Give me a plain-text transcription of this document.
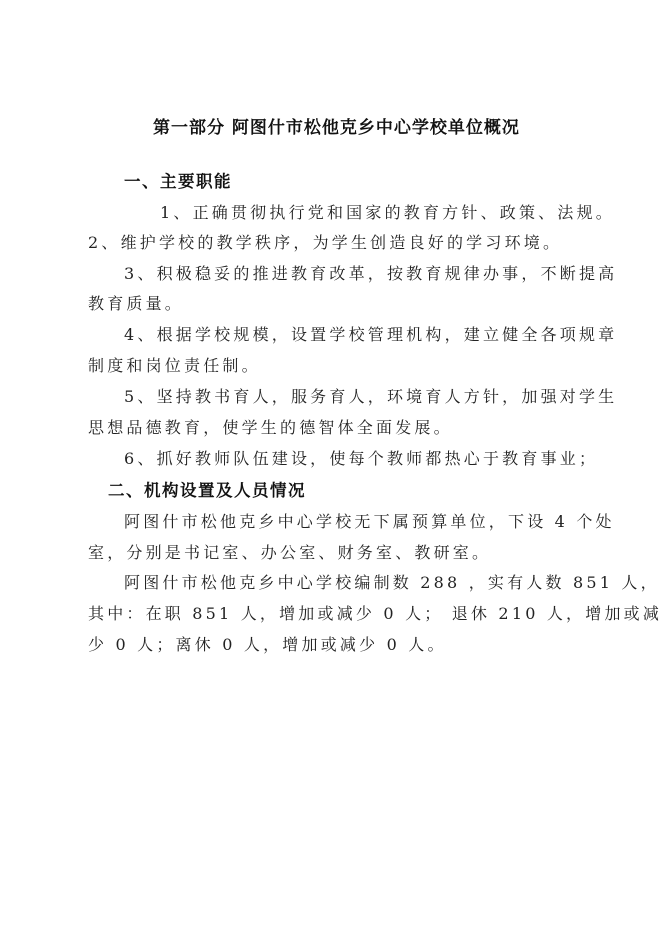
第一部分 阿图什市松他克乡中心学校单位概况
一、主要职能
1、正确贯彻执行党和国家的教育方针、政策、法规。
2、维护学校的教学秩序，为学生创造良好的学习环境。
3、积极稳妥的推进教育改革，按教育规律办事，不断提高
教育质量。
4、根据学校规模，设置学校管理机构，建立健全各项规章
制度和岗位责任制。
5、坚持教书育人，服务育人，环境育人方针，加强对学生
思想品德教育，使学生的德智体全面发展。
6、抓好教师队伍建设，使每个教师都热心于教育事业；
二、机构设置及人员情况
阿图什市松他克乡中心学校无下属预算单位，下设 4 个处
室，分别是书记室、办公室、财务室、教研室。
阿图什市松他克乡中心学校编制数 288 ，实有人数 851 人，
其中：在职 851 人，增加或减少 0 人； 退休 210 人，增加或减
少 0 人；离休 0 人，增加或减少 0 人。
